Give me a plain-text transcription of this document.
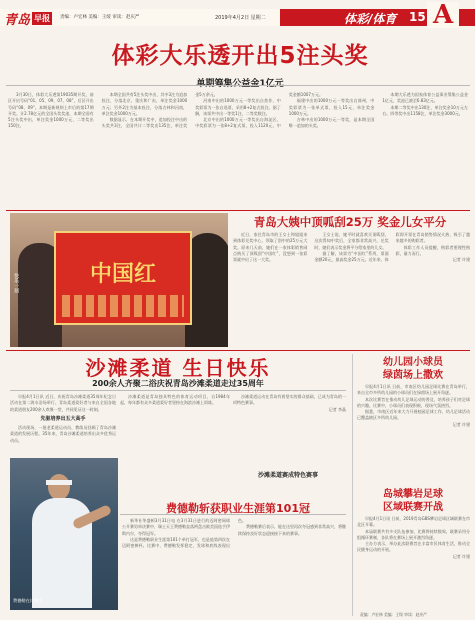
青岛 早报	责编：卢宏林 美编：王绥 审读：赵庆严	2019年4月2日 星期二	体彩/体育 15 A
体彩大乐透开出5注头奖
单期筹集公益金1亿元

3月30日，体彩大乐透第19035期开奖，前区开出号码“01、05、09、07、08”，后区开出号码“08、09”。本期是新规则上市后的第17期开奖。计2.78亿元的全国头奖奖池，本期全国有5注头奖中出，单注奖金1000万元，二等奖出150注。

本期全国共有5注头奖中出，其中3注为追加投注，分落北京、重庆和广东，单注奖金1000万元；另外2注为基本投注，分落吉林和河南，单注奖金1000万元。

数据显示，在本期开奖中，追加投注中出的头奖共3注，全国共计二等奖出135注，单注奖金5万余元。

河南中出的1000万元一等奖出自焦作，中奖彩票为一张自选票，采用8+2复式投注。据了解，该票共中出一等奖1注，二等奖数注。

北京中出的1000万元一等奖出自海淀区，中奖彩票为一张8+2复式票，投入1120元，中奖金额1007万元。

福建中出的1000万元一等奖出自漳州，中奖彩票为一张单式票，投入15元，单注奖金1000万元。

吉林中出的1000万元一等奖，是本期全国唯一追加的头奖。

本期大乐透为国家体育公益事业筹集公益金1亿元，奖池已滚至6.83亿元。

本期二等奖中出130注，单注奖金10万元左右。四等奖中出1158注，单注奖金3000元。

青岛大姨中顶呱刮25万 奖金儿女平分
中国红
快乐一刻

近日，家住青岛市的王女士和姐姐来到体彩兑奖中心，领取了刮中的25万元大奖。原来几天前，她们在一家体彩销售网点购买了顶呱刮“中国红”，没想到一张彩票就中出了这一大奖。

王女士说，她平时就喜欢买顶呱刮，这次得知中奖后，全家都非常高兴。兑奖时，她们表示奖金将平分给家里的儿女。

据了解，该票为“中国红”系列，票面金额20元，最高奖金25万元。近年来，体彩即开票在青岛销售情况火热，吸引了越来越多的购彩者。

体彩工作人员提醒，购彩者要理性购彩，量力而行。

记者 许建

沙滩柔道 生日快乐
200余人齐聚二浴庆祝青岛沙滩柔道走过35周年

早报4月1日讯 近日，庆祝青岛沙滩柔道35周年纪念日活动在第二海水浴场举行。青岛柔道爱好者与来自全国各地的柔道朋友200余人欢聚一堂，共同见证这一时刻。

先驱培养出五大高手

活动现场，一批老柔道运动员、教练员回顾了青岛沙滩柔道的发展历程。35年来，青岛沙滩柔道培养出众多优秀运动员。

沙滩柔道是青岛独具特色的体育运动项目，自1984年起，每年都有众多柔道爱好者坚持在海滨沙滩上训练。

沙滩柔道赛成特色赛事

沙滩柔道运动在青岛有着坚实的群众基础，已成为青岛的一项特色赛事。

记者 李晶

费德勒斩获职业生涯第101冠
费德勒在比赛中

新华社华盛顿3月31日电 在3月31日进行的迈阿密网球公开赛男单决赛中，瑞士天王费德勒直落两盘击败美国选手伊斯内尔，夺得冠军。

这是费德勒职业生涯第101个单打冠军，也是他第四次在迈阿密捧杯。比赛中，费德勒发挥稳定，发球和底线表现出色。

费德勒赛后表示，能在这里再次夺冠感到非常高兴，将继续保持良好状态迎接接下来的赛事。

幼儿园小球员
绿茵场上撒欢

早报4月1日讯 日前，市南区幼儿园足球比赛在青岛举行，来自全市多所幼儿园的小球员们在绿茵场上展开角逐。

本次比赛旨在推动幼儿足球运动的普及，培养孩子们对足球的兴趣。比赛中，小球员们表现积极，现场气氛热烈。

据悉，市南区近年来大力开展校园足球工作，幼儿足球活动已覆盖辖区多所幼儿园。

记者 许建

岛城攀岩足球
区域联赛开战

早报4月1日讯 日前，2019青岛GBS攀岩足球区域联赛在市北区开幕。

本届联赛共有多支队伍参加，比赛将持续数周。联赛采用分组循环赛制，各队将在赛场上展开激烈角逐。

主办方表示，举办此次联赛旨在丰富市民体育生活，推动全民健身运动的开展。

记者 许建

责编：卢宏林 美编：王绥 审读：赵庆严
